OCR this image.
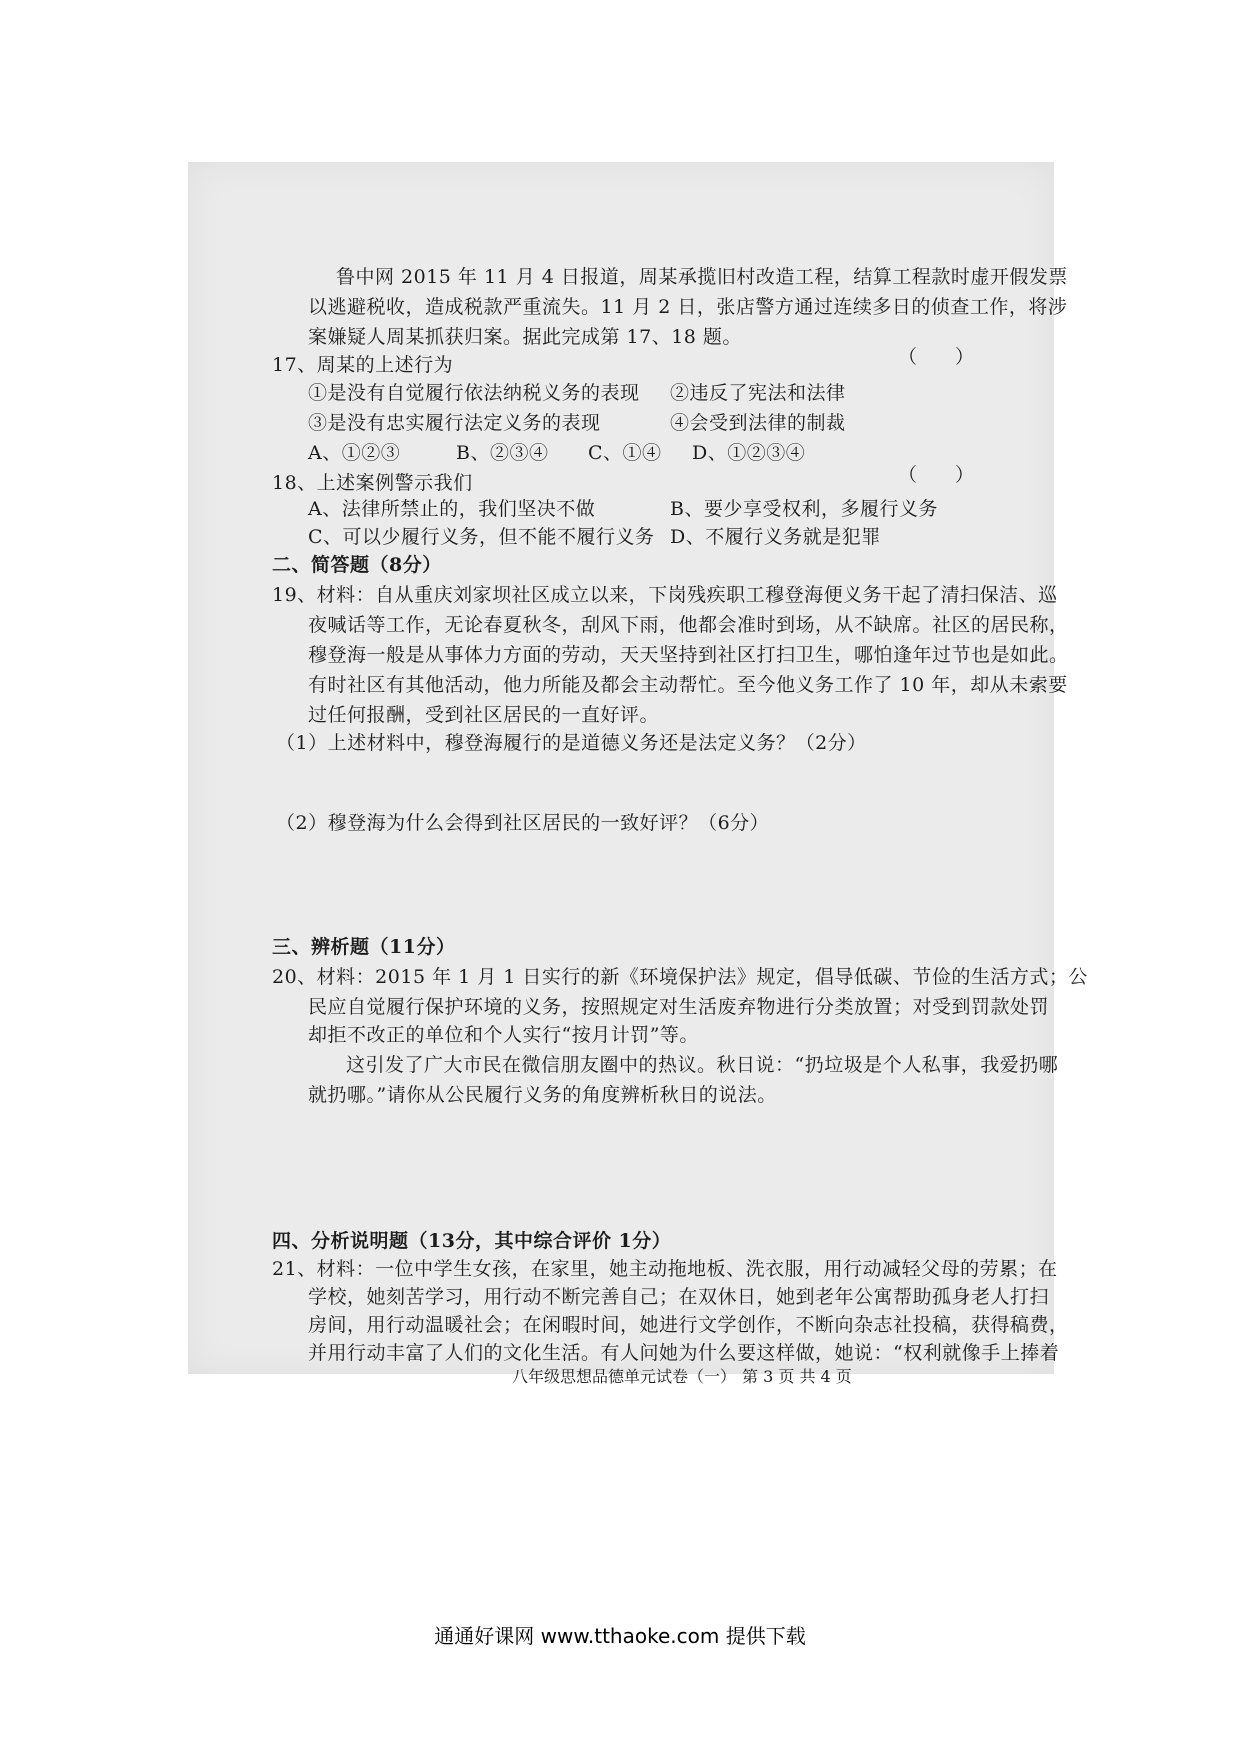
鲁中网 2015 年 11 月 4 日报道，周某承揽旧村改造工程，结算工程款时虚开假发票
以逃避税收，造成税款严重流失。11 月 2 日，张店警方通过连续多日的侦查工作，将涉
案嫌疑人周某抓获归案。据此完成第 17、18 题。
17、周某的上述行为	（　　）
①是没有自觉履行依法纳税义务的表现 ②违反了宪法和法律
③是没有忠实履行法定义务的表现	④会受到法律的制裁
A、①②③	B、②③④ C、①④ D、①②③④
18、上述案例警示我们	（　　）
A、法律所禁止的，我们坚决不做	B、要少享受权利，多履行义务
C、可以少履行义务，但不能不履行义务 D、不履行义务就是犯罪
二、简答题（8分）
19、材料：自从重庆刘家坝社区成立以来，下岗残疾职工穆登海便义务干起了清扫保洁、巡
夜喊话等工作，无论春夏秋冬，刮风下雨，他都会准时到场，从不缺席。社区的居民称，
穆登海一般是从事体力方面的劳动，天天坚持到社区打扫卫生，哪怕逢年过节也是如此。
有时社区有其他活动，他力所能及都会主动帮忙。至今他义务工作了 10 年，却从未索要
过任何报酬，受到社区居民的一直好评。
（1）上述材料中，穆登海履行的是道德义务还是法定义务？（2分）
（2）穆登海为什么会得到社区居民的一致好评？（6分）
三、辨析题（11分）
20、材料：2015 年 1 月 1 日实行的新《环境保护法》规定，倡导低碳、节俭的生活方式；公
民应自觉履行保护环境的义务，按照规定对生活废弃物进行分类放置；对受到罚款处罚
却拒不改正的单位和个人实行“按月计罚”等。
这引发了广大市民在微信朋友圈中的热议。秋日说：“扔垃圾是个人私事，我爱扔哪
就扔哪。”请你从公民履行义务的角度辨析秋日的说法。
四、分析说明题（13分，其中综合评价 1分）
21、材料：一位中学生女孩，在家里，她主动拖地板、洗衣服，用行动减轻父母的劳累；在
学校，她刻苦学习，用行动不断完善自己；在双休日，她到老年公寓帮助孤身老人打扫
房间，用行动温暖社会；在闲暇时间，她进行文学创作，不断向杂志社投稿，获得稿费，
并用行动丰富了人们的文化生活。有人问她为什么要这样做，她说：“权利就像手上捧着
八年级思想品德单元试卷（一） 第 3 页 共 4 页
通通好课网 www.tthaoke.com 提供下载
